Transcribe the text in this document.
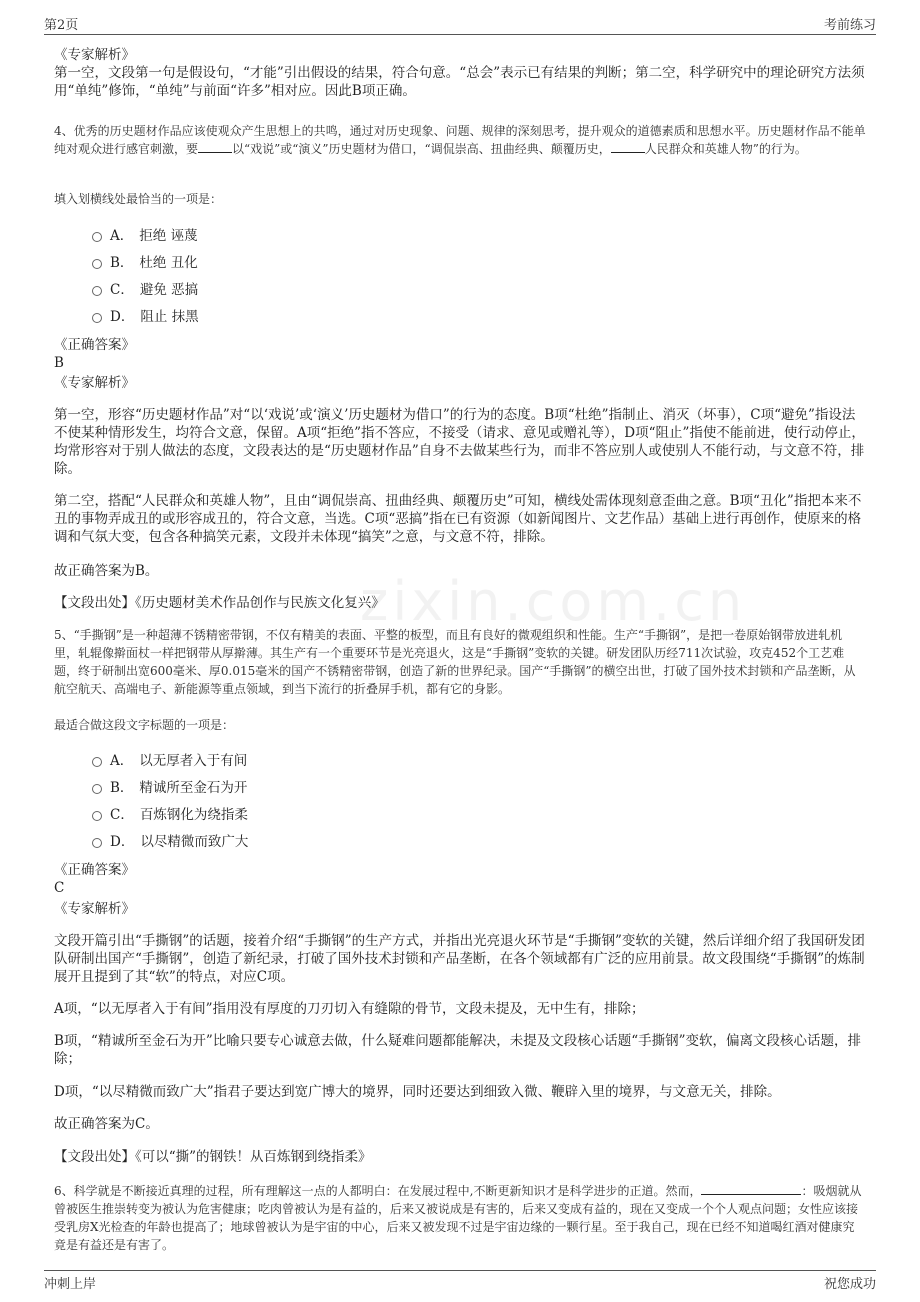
第2页	考前练习
zixin.com.cn
《专家解析》
第一空，文段第一句是假设句，“才能”引出假设的结果，符合句意。“总会”表示已有结果的判断；第二空，科学研究中的理论研究方法须用“单纯”修饰，“单纯”与前面“许多”相对应。因此B项正确。
4、优秀的历史题材作品应该使观众产生思想上的共鸣，通过对历史现象、问题、规律的深刻思考，提升观众的道德素质和思想水平。历史题材作品不能单纯对观众进行感官刺激，要	以“戏说”或“演义”历史题材为借口，“调侃崇高、扭曲经典、颠覆历史，	人民群众和英雄人物”的行为。
填入划横线处最恰当的一项是：
A． 拒绝 诬蔑
B． 杜绝 丑化
C． 避免 恶搞
D． 阻止 抹黑
《正确答案》
B
《专家解析》
第一空，形容“历史题材作品”对“以‘戏说’或‘演义’历史题材为借口”的行为的态度。B项“杜绝”指制止、消灭（坏事），C项“避免”指设法不使某种情形发生，均符合文意，保留。A项“拒绝”指不答应，不接受（请求、意见或赠礼等），D项“阻止”指使不能前进，使行动停止，均常形容对于别人做法的态度，文段表达的是“历史题材作品”自身不去做某些行为，而非不答应别人或使别人不能行动，与文意不符，排除。
第二空，搭配“人民群众和英雄人物”，且由“调侃崇高、扭曲经典、颠覆历史”可知，横线处需体现刻意歪曲之意。B项“丑化”指把本来不丑的事物弄成丑的或形容成丑的，符合文意，当选。C项“恶搞”指在已有资源（如新闻图片、文艺作品）基础上进行再创作，使原来的格调和气氛大变，包含各种搞笑元素，文段并未体现“搞笑”之意，与文意不符，排除。
故正确答案为B。
【文段出处】《历史题材美术作品创作与民族文化复兴》
5、“手撕钢”是一种超薄不锈精密带钢，不仅有精美的表面、平整的板型，而且有良好的微观组织和性能。生产“手撕钢”，是把一卷原始钢带放进轧机里，轧辊像擀面杖一样把钢带从厚擀薄。其生产有一个重要环节是光亮退火，这是“手撕钢”变软的关键。研发团队历经711次试验，攻克452个工艺难题，终于研制出宽600毫米、厚0.015毫米的国产不锈精密带钢，创造了新的世界纪录。国产“手撕钢”的横空出世，打破了国外技术封锁和产品垄断，从航空航天、高端电子、新能源等重点领域，到当下流行的折叠屏手机，都有它的身影。
最适合做这段文字标题的一项是：
A． 以无厚者入于有间
B． 精诚所至金石为开
C． 百炼钢化为绕指柔
D． 以尽精微而致广大
《正确答案》
C
《专家解析》
文段开篇引出“手撕钢”的话题，接着介绍“手撕钢”的生产方式，并指出光亮退火环节是“手撕钢”变软的关键，然后详细介绍了我国研发团队研制出国产“手撕钢”，创造了新纪录，打破了国外技术封锁和产品垄断，在各个领域都有广泛的应用前景。故文段围绕“手撕钢”的炼制展开且提到了其“软”的特点，对应C项。
A项，“以无厚者入于有间”指用没有厚度的刀刃切入有缝隙的骨节，文段未提及，无中生有，排除；
B项，“精诚所至金石为开”比喻只要专心诚意去做，什么疑难问题都能解决，未提及文段核心话题“手撕钢”变软，偏离文段核心话题，排除；
D项，“以尽精微而致广大”指君子要达到宽广博大的境界，同时还要达到细致入微、鞭辟入里的境界，与文意无关，排除。
故正确答案为C。
【文段出处】《可以“撕”的钢铁！从百炼钢到绕指柔》
6、科学就是不断接近真理的过程，所有理解这一点的人都明白：在发展过程中,不断更新知识才是科学进步的正道。然而，	：吸烟就从曾被医生推崇转变为被认为危害健康；吃肉曾被认为是有益的，后来又被说成是有害的，后来又变成有益的，现在又变成一个个人观点问题；女性应该接受乳房X光检查的年龄也提高了；地球曾被认为是宇宙的中心，后来又被发现不过是宇宙边缘的一颗行星。至于我自己，现在已经不知道喝红酒对健康究竟是有益还是有害了。
冲刺上岸	祝您成功
